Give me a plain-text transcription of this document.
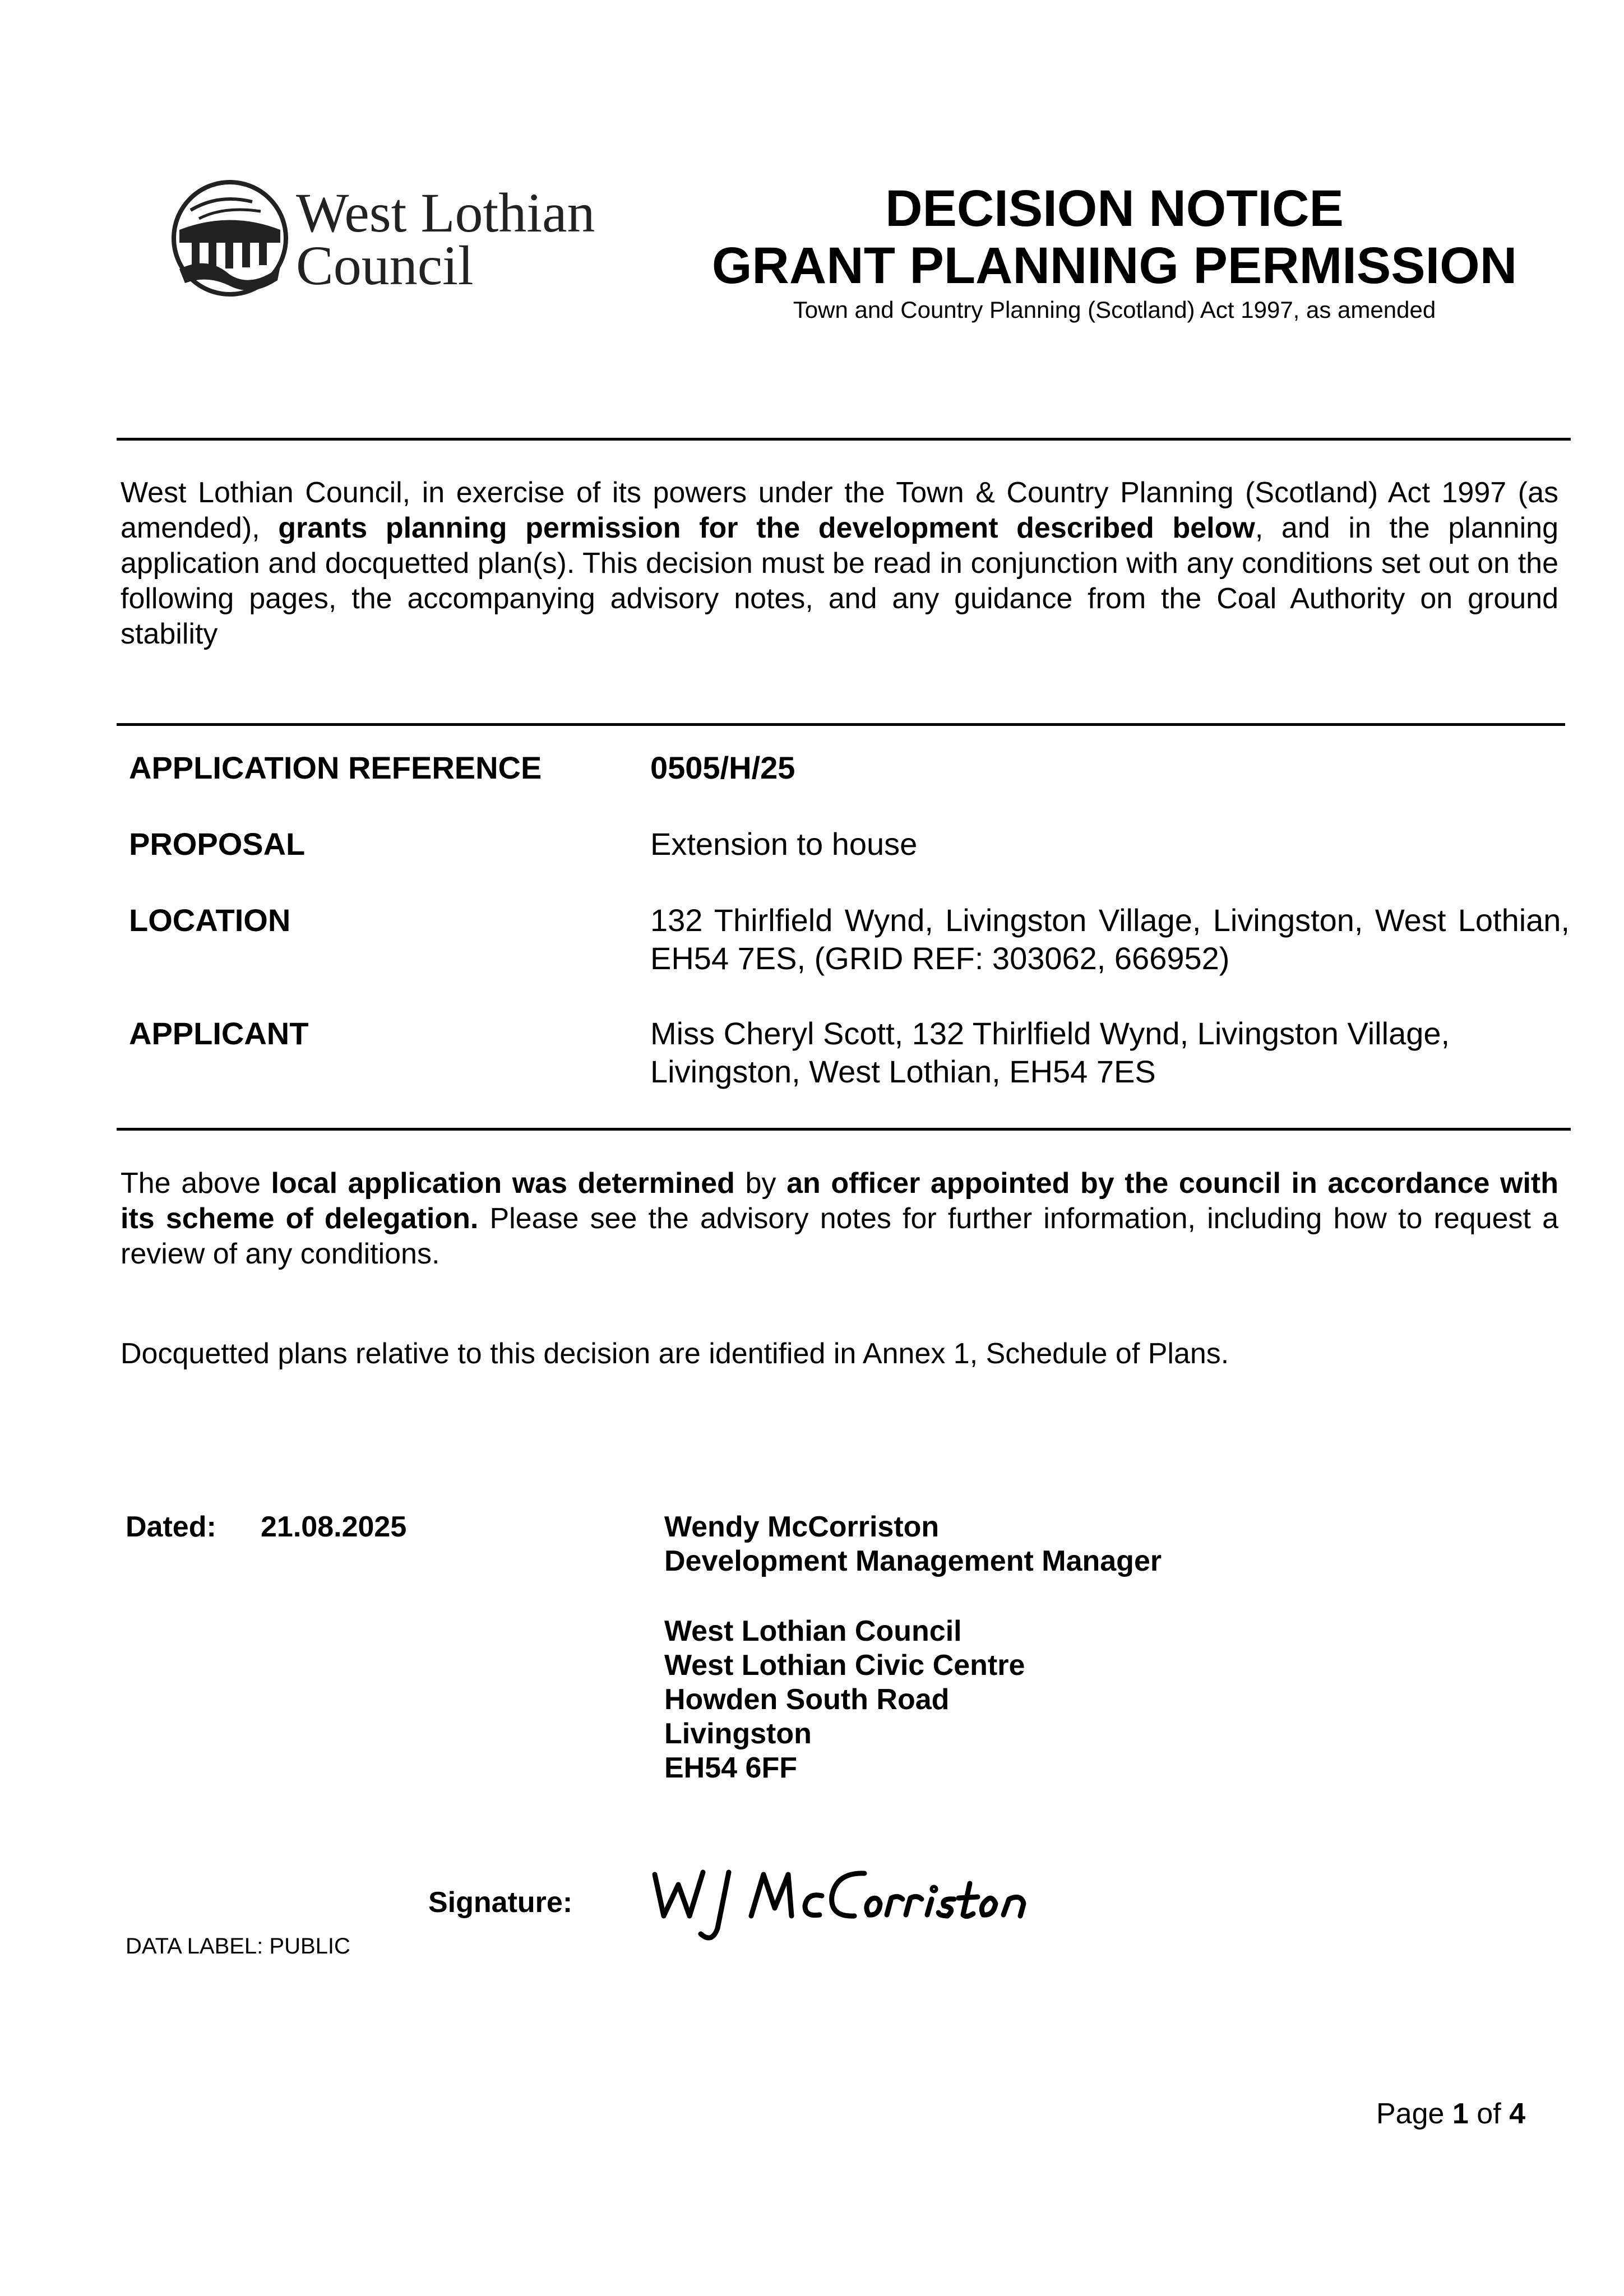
West Lothian
Council
DECISION NOTICE
GRANT PLANNING PERMISSION
Town and Country Planning (Scotland) Act 1997, as amended
West Lothian Council, in exercise of its powers under the Town & Country Planning (Scotland) Act 1997 (as amended), grants planning permission for the development described below, and in the planning application and docquetted plan(s). This decision must be read in conjunction with any conditions set out on the following pages, the accompanying advisory notes, and any guidance from the Coal Authority on ground stability
APPLICATION REFERENCE	0505/H/25
PROPOSAL	Extension to house
LOCATION	132 Thirlfield Wynd, Livingston Village, Livingston, West Lothian, EH54 7ES, (GRID REF: 303062, 666952)
APPLICANT	Miss Cheryl Scott, 132 Thirlfield Wynd, Livingston Village,
Livingston, West Lothian, EH54 7ES
The above local application was determined by an officer appointed by the council in accordance with its scheme of delegation. Please see the advisory notes for further information, including how to request a review of any conditions.
Docquetted plans relative to this decision are identified in Annex 1, Schedule of Plans.
Dated: 21.08.2025	Wendy McCorriston
Development Management Manager
West Lothian Council
West Lothian Civic Centre
Howden South Road
Livingston
EH54 6FF
Signature:
DATA LABEL: PUBLIC
Page 1 of 4
